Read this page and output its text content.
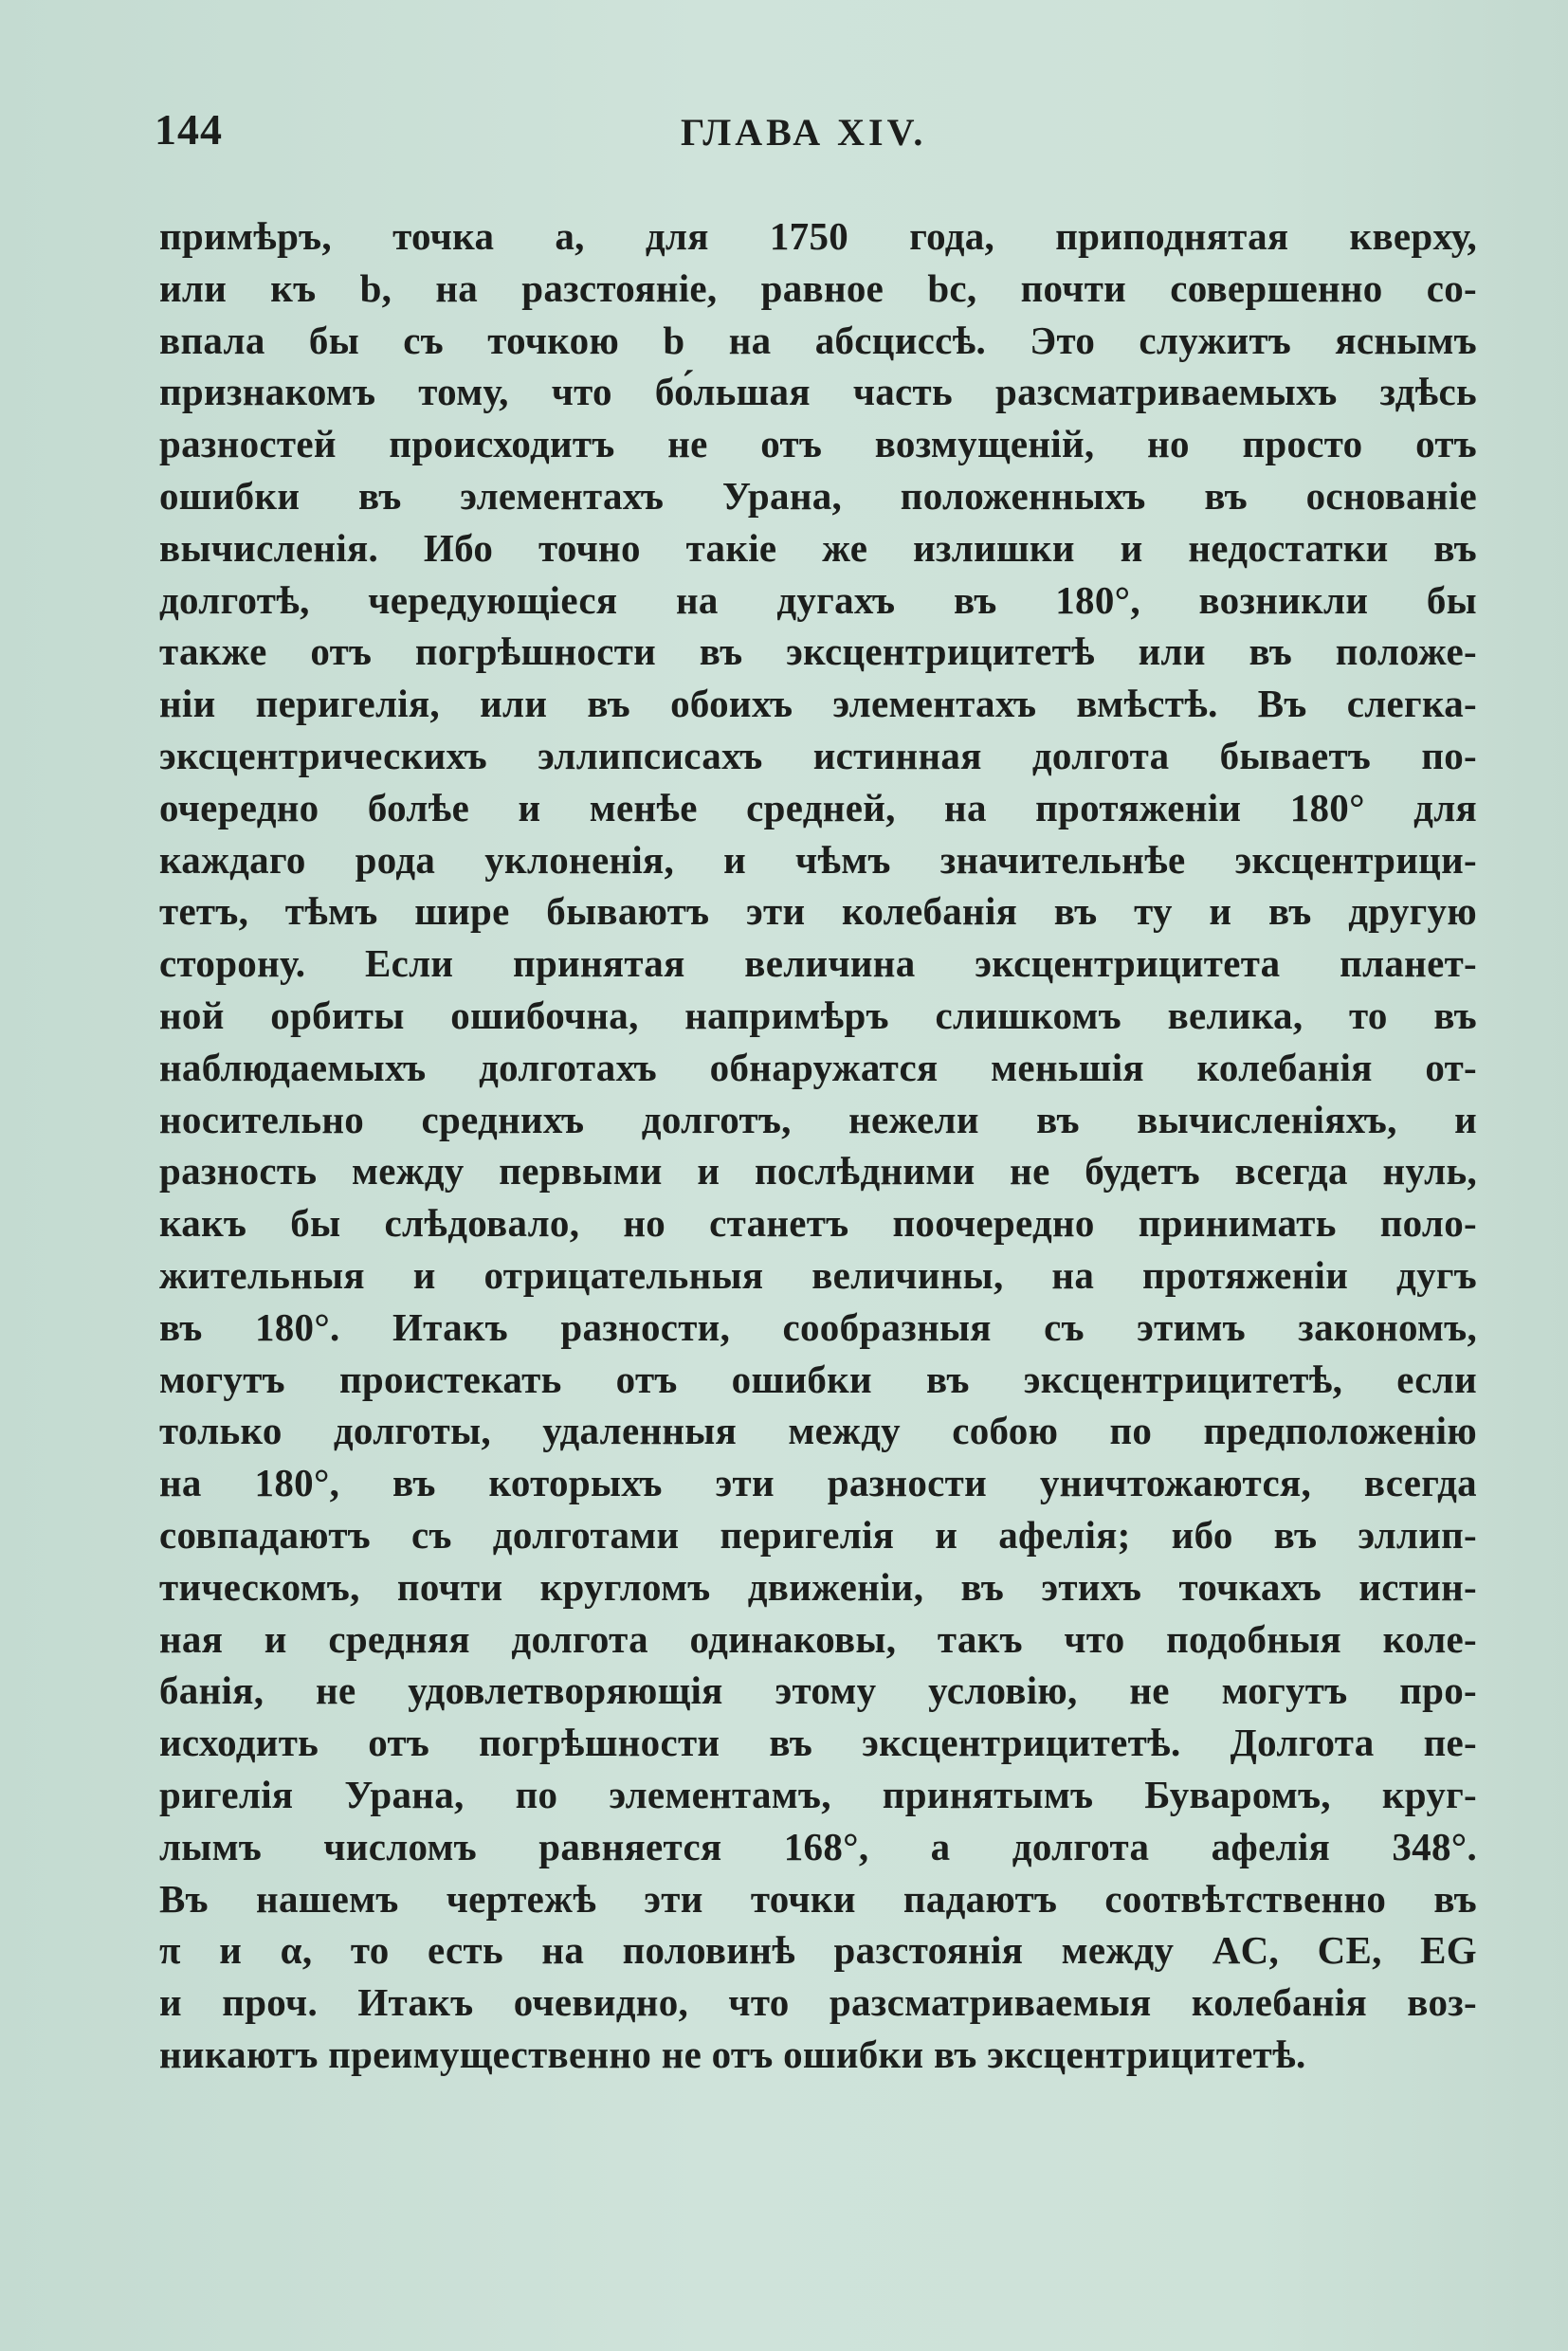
144	ГЛАВА XIV.
примѣръ, точка a, для 1750 года, приподнятая кверху,
или къ b, на разстояніе, равное bc, почти совершенно со-
впала бы съ точкою b на абсциссѣ. Это служитъ яснымъ
признакомъ тому, что бо́льшая часть разсматриваемыхъ здѣсь
разностей происходитъ не отъ возмущеній, но просто отъ
ошибки въ элементахъ Урана, положенныхъ въ основаніе
вычисленія. Ибо точно такіе же излишки и недостатки въ
долготѣ, чередующіеся на дугахъ въ 180°, возникли бы
также отъ погрѣшности въ эксцентрицитетѣ или въ положе-
ніи перигелія, или въ обоихъ элементахъ вмѣстѣ. Въ слегка-
эксцентрическихъ эллипсисахъ истинная долгота бываетъ по-
очередно болѣе и менѣе средней, на протяженіи 180° для
каждаго рода уклоненія, и чѣмъ значительнѣе эксцентрици-
тетъ, тѣмъ шире бываютъ эти колебанія въ ту и въ другую
сторону. Если принятая величина эксцентрицитета планет-
ной орбиты ошибочна, напримѣръ слишкомъ велика, то въ
наблюдаемыхъ долготахъ обнаружатся меньшія колебанія от-
носительно среднихъ долготъ, нежели въ вычисленіяхъ, и
разность между первыми и послѣдними не будетъ всегда нуль,
какъ бы слѣдовало, но станетъ поочередно принимать поло-
жительныя и отрицательныя величины, на протяженіи дугъ
въ 180°. Итакъ разности, сообразныя съ этимъ закономъ,
могутъ проистекать отъ ошибки въ эксцентрицитетѣ, если
только долготы, удаленныя между собою по предположенію
на 180°, въ которыхъ эти разности уничтожаются, всегда
совпадаютъ съ долготами перигелія и афелія; ибо въ эллип-
тическомъ, почти кругломъ движеніи, въ этихъ точкахъ истин-
ная и средняя долгота одинаковы, такъ что подобныя коле-
банія, не удовлетворяющія этому условію, не могутъ про-
исходить отъ погрѣшности въ эксцентрицитетѣ. Долгота пе-
ригелія Урана, по элементамъ, принятымъ Буваромъ, круг-
лымъ числомъ равняется 168°, а долгота афелія 348°.
Въ нашемъ чертежѣ эти точки падаютъ соотвѣтственно въ
π и α, то есть на половинѣ разстоянія между AC, CE, EG
и проч. Итакъ очевидно, что разсматриваемыя колебанія воз-
никаютъ преимущественно не отъ ошибки въ эксцентрицитетѣ.
